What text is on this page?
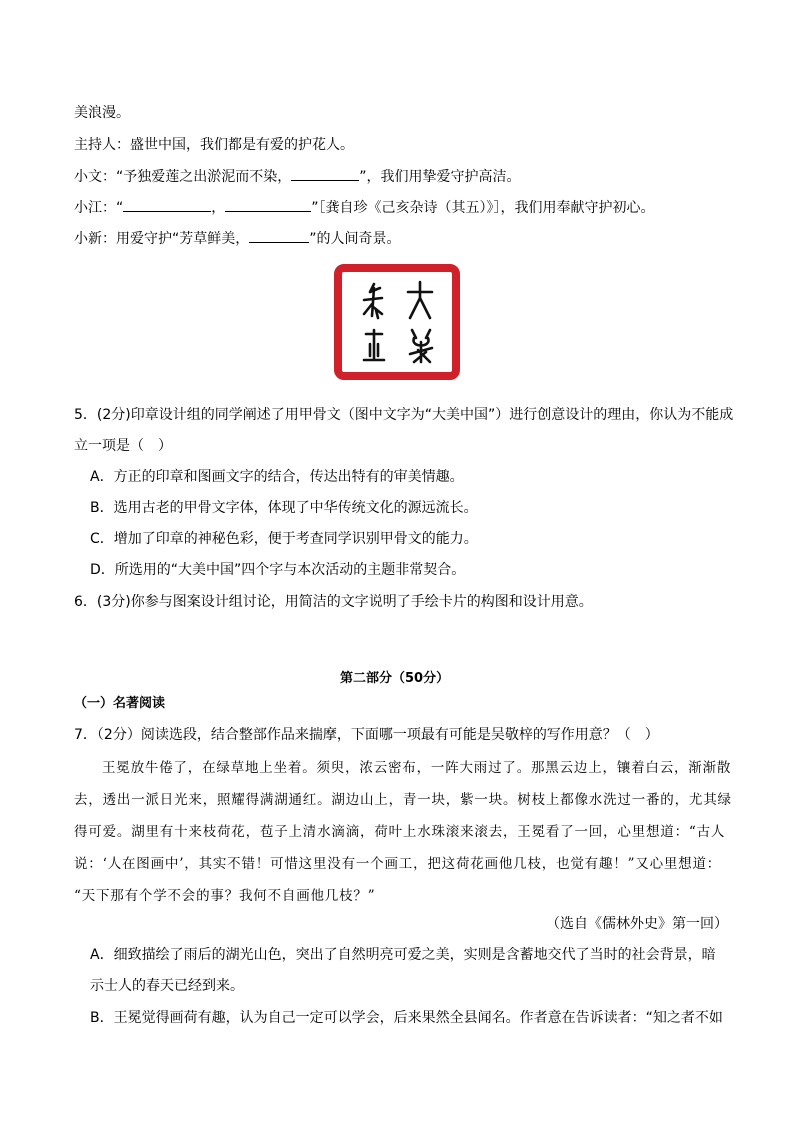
美浪漫。
主持人：盛世中国，我们都是有爱的护花人。
小文：“予独爱莲之出淤泥而不染，	”，我们用挚爱守护高洁。
小江：“	，	”［龚自珍《己亥杂诗（其五）》］，我们用奉献守护初心。
小新：用爱守护“芳草鲜美，	”的人间奇景。
5．(2分)印章设计组的同学阐述了用甲骨文（图中文字为“大美中国”）进行创意设计的理由，你认为不能成
立一项是（　）
A．方正的印章和图画文字的结合，传达出特有的审美情趣。
B．选用古老的甲骨文字体，体现了中华传统文化的源远流长。
C．增加了印章的神秘色彩，便于考查同学识别甲骨文的能力。
D．所选用的“大美中国”四个字与本次活动的主题非常契合。
6．(3分)你参与图案设计组讨论，用简洁的文字说明了手绘卡片的构图和设计用意。
第二部分（50分）
（一）名著阅读
7．（2分）阅读选段，结合整部作品来揣摩，下面哪一项最有可能是吴敬梓的写作用意？（　）
王冕放牛倦了，在绿草地上坐着。须臾，浓云密布，一阵大雨过了。那黑云边上，镶着白云，渐渐散
去，透出一派日光来，照耀得满湖通红。湖边山上，青一块，紫一块。树枝上都像水洗过一番的，尤其绿
得可爱。湖里有十来枝荷花，苞子上清水滴滴，荷叶上水珠滚来滚去，王冕看了一回，心里想道：“古人
说：‘人在图画中’，其实不错！可惜这里没有一个画工，把这荷花画他几枝，也觉有趣！”又心里想道：
“天下那有个学不会的事？我何不自画他几枝？”
（选自《儒林外史》第一回）
A．细致描绘了雨后的湖光山色，突出了自然明亮可爱之美，实则是含蓄地交代了当时的社会背景，暗
示士人的春天已经到来。
B．王冕觉得画荷有趣，认为自己一定可以学会，后来果然全县闻名。作者意在告诉读者：“知之者不如
